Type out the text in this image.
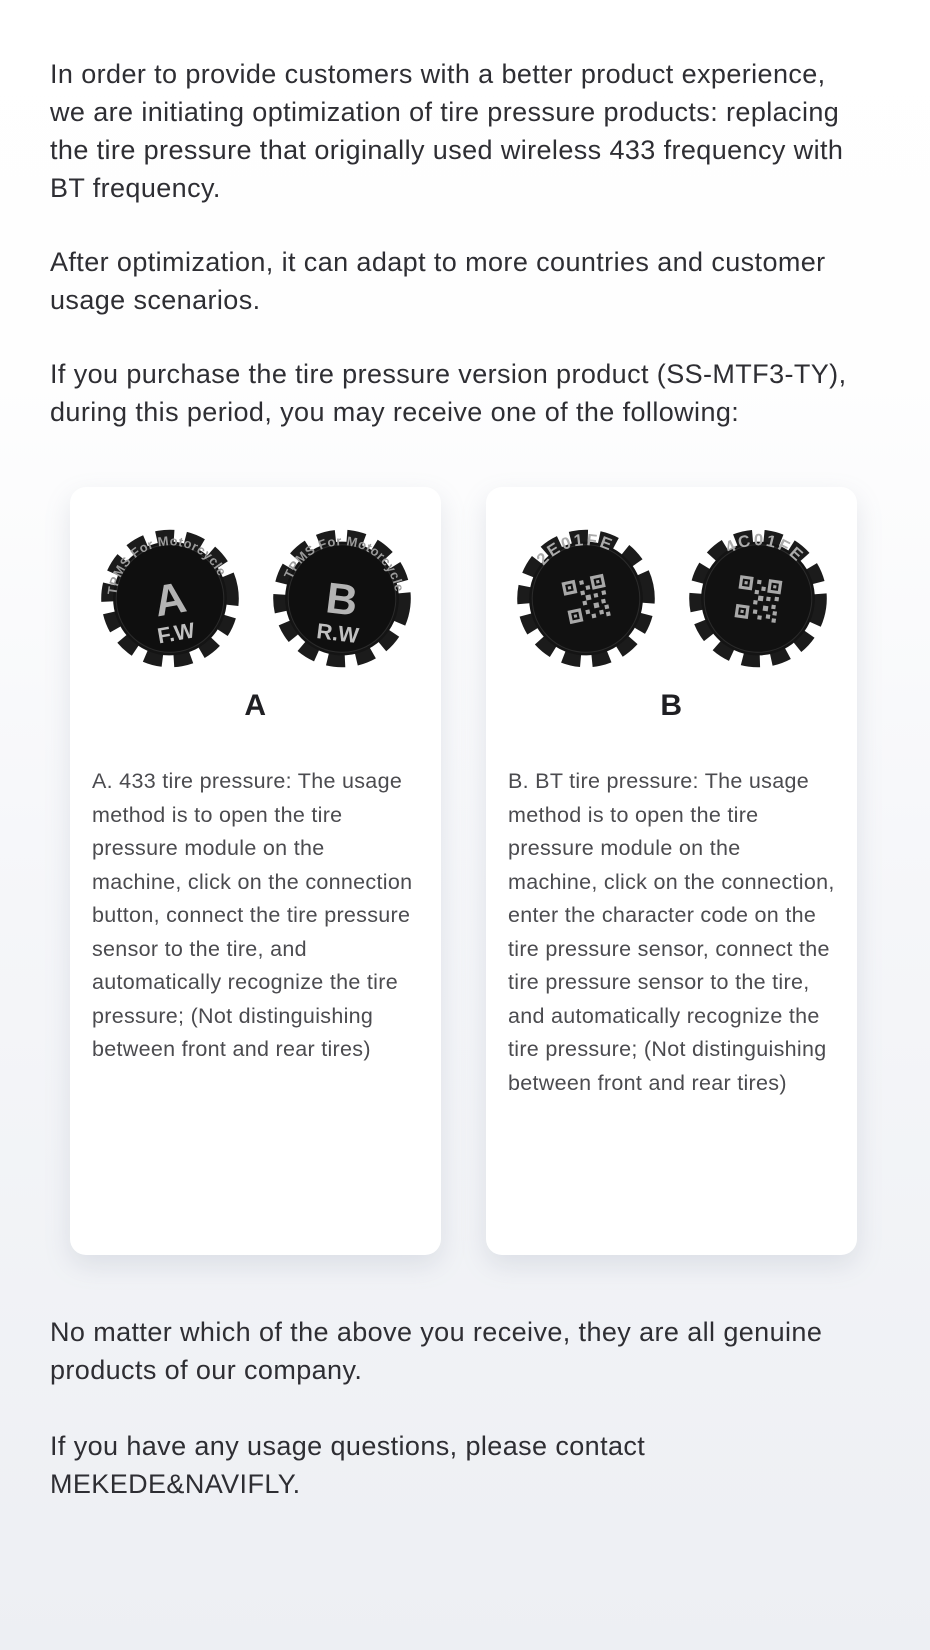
In order to provide customers with a better product experience, we are initiating optimization of tire pressure products: replacing the tire pressure that originally used wireless 433 frequency with BT frequency.

After optimization, it can adapt to more countries and customer usage scenarios.

If you purchase the tire pressure version product (SS-MTF3-TY), during this period, you may receive one of the following:

TPMS For Motorcycle
A
F.W
TPMS For Motorcycle
B
R.W
A

A. 433 tire pressure: The usage method is to open the tire pressure module on the machine, click on the connection button, connect the tire pressure sensor to the tire, and automatically recognize the tire pressure; (Not distinguishing between front and rear tires)

2E01FE	4C01FE
B

B. BT tire pressure: The usage method is to open the tire pressure module on the machine, click on the connection, enter the character code on the tire pressure sensor, connect the tire pressure sensor to the tire, and automatically recognize the tire pressure; (Not distinguishing between front and rear tires)

No matter which of the above you receive, they are all genuine products of our company.

If you have any usage questions, please contact MEKEDE&NAVIFLY.
